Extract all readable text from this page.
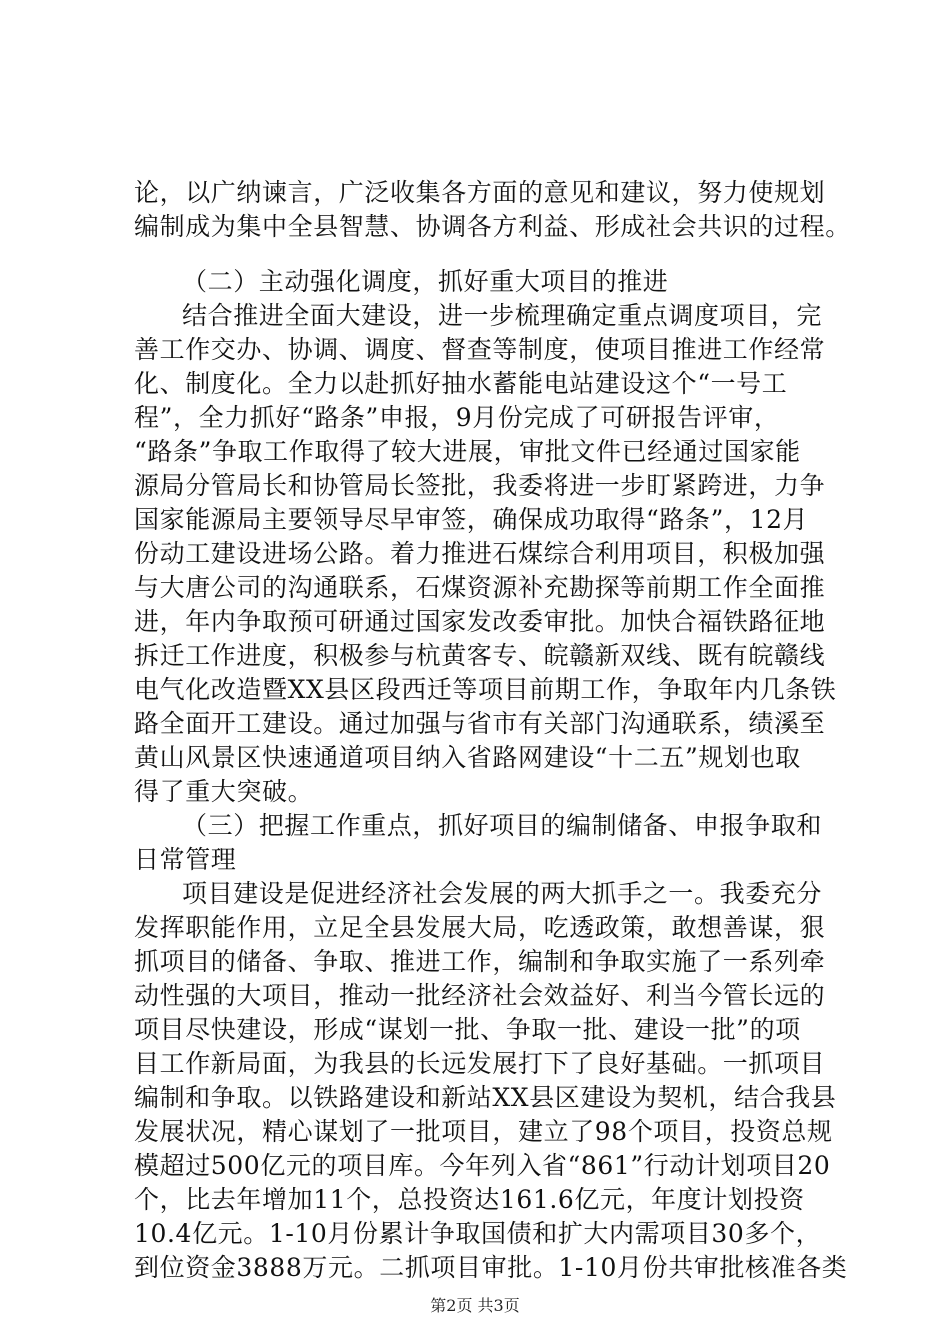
论，以广纳谏言，广泛收集各方面的意见和建议，努力使规划
编制成为集中全县智慧、协调各方利益、形成社会共识的过程。
（二）主动强化调度，抓好重大项目的推进
结合推进全面大建设，进一步梳理确定重点调度项目，完
善工作交办、协调、调度、督查等制度，使项目推进工作经常
化、制度化。全力以赴抓好抽水蓄能电站建设这个“一号工
程”，全力抓好“路条”申报，9月份完成了可研报告评审，
“路条”争取工作取得了较大进展，审批文件已经通过国家能
源局分管局长和协管局长签批，我委将进一步盯紧跨进，力争
国家能源局主要领导尽早审签，确保成功取得“路条”，12月
份动工建设进场公路。着力推进石煤综合利用项目，积极加强
与大唐公司的沟通联系，石煤资源补充勘探等前期工作全面推
进，年内争取预可研通过国家发改委审批。加快合福铁路征地
拆迁工作进度，积极参与杭黄客专、皖赣新双线、既有皖赣线
电气化改造暨XX县区段西迁等项目前期工作，争取年内几条铁
路全面开工建设。通过加强与省市有关部门沟通联系，绩溪至
黄山风景区快速通道项目纳入省路网建设“十二五”规划也取
得了重大突破。
（三）把握工作重点，抓好项目的编制储备、申报争取和
日常管理
项目建设是促进经济社会发展的两大抓手之一。我委充分
发挥职能作用，立足全县发展大局，吃透政策，敢想善谋，狠
抓项目的储备、争取、推进工作，编制和争取实施了一系列牵
动性强的大项目，推动一批经济社会效益好、利当今管长远的
项目尽快建设，形成“谋划一批、争取一批、建设一批”的项
目工作新局面，为我县的长远发展打下了良好基础。一抓项目
编制和争取。以铁路建设和新站XX县区建设为契机，结合我县
发展状况，精心谋划了一批项目，建立了98个项目，投资总规
模超过500亿元的项目库。今年列入省“861”行动计划项目20
个，比去年增加11个，总投资达161.6亿元，年度计划投资
10.4亿元。1-10月份累计争取国债和扩大内需项目30多个，
到位资金3888万元。二抓项目审批。1-10月份共审批核准各类
第2页 共3页
